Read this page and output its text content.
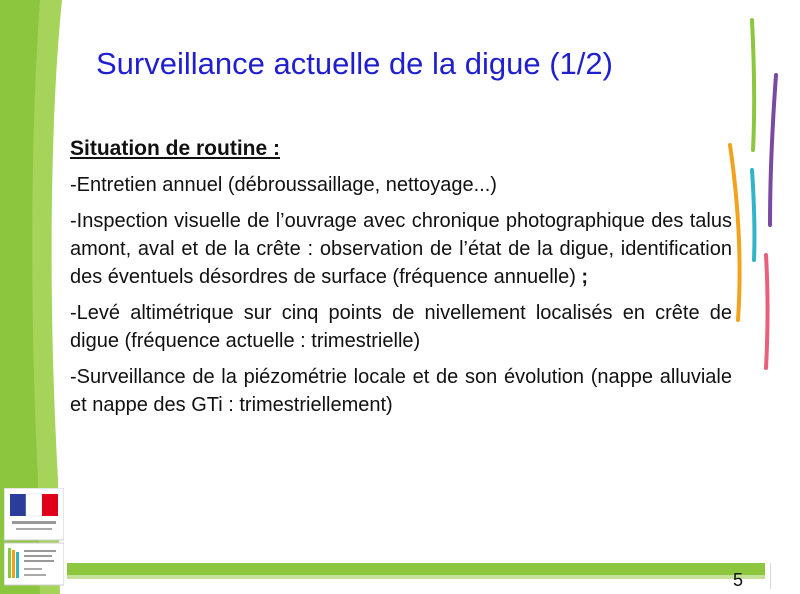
Surveillance actuelle de la digue (1/2)
Situation de routine :

-Entretien annuel (débroussaillage, nettoyage...)

-Inspection visuelle de l’ouvrage avec chronique photographique des talus amont, aval et de la crête : observation de l’état de la digue, identification des éventuels désordres de surface (fréquence annuelle) ;

-Levé altimétrique sur cinq points de nivellement localisés en crête de digue (fréquence actuelle : trimestrielle)

-Surveillance de la piézométrie locale et de son évolution (nappe alluviale et nappe des GTi : trimestriellement)

5
